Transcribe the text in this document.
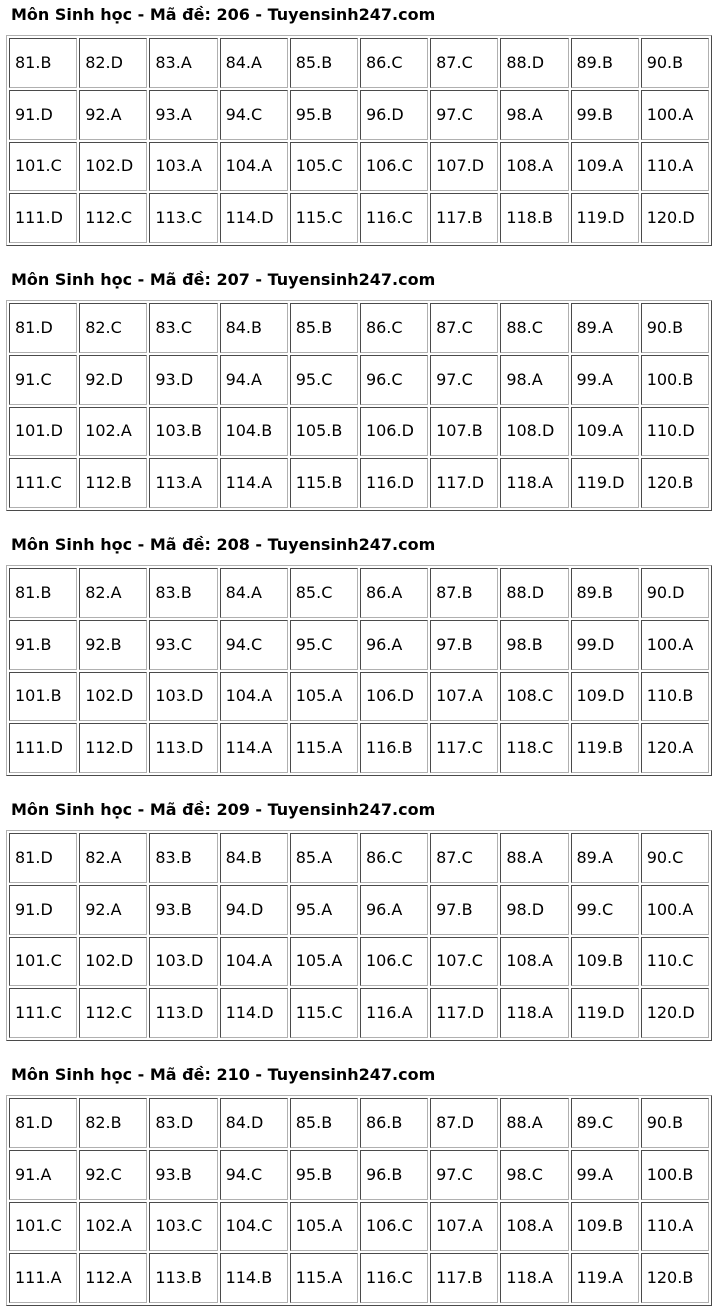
Môn Sinh học - Mã đề: 206 - Tuyensinh247.com
81.B	82.D	83.A	84.A	85.B	86.C	87.C	88.D	89.B	90.B
91.D	92.A	93.A	94.C	95.B	96.D	97.C	98.A	99.B	100.A
101.C	102.D	103.A	104.A	105.C	106.C	107.D	108.A	109.A	110.A
111.D	112.C	113.C	114.D	115.C	116.C	117.B	118.B	119.D	120.D
Môn Sinh học - Mã đề: 207 - Tuyensinh247.com
81.D	82.C	83.C	84.B	85.B	86.C	87.C	88.C	89.A	90.B
91.C	92.D	93.D	94.A	95.C	96.C	97.C	98.A	99.A	100.B
101.D	102.A	103.B	104.B	105.B	106.D	107.B	108.D	109.A	110.D
111.C	112.B	113.A	114.A	115.B	116.D	117.D	118.A	119.D	120.B
Môn Sinh học - Mã đề: 208 - Tuyensinh247.com
81.B	82.A	83.B	84.A	85.C	86.A	87.B	88.D	89.B	90.D
91.B	92.B	93.C	94.C	95.C	96.A	97.B	98.B	99.D	100.A
101.B	102.D	103.D	104.A	105.A	106.D	107.A	108.C	109.D	110.B
111.D	112.D	113.D	114.A	115.A	116.B	117.C	118.C	119.B	120.A
Môn Sinh học - Mã đề: 209 - Tuyensinh247.com
81.D	82.A	83.B	84.B	85.A	86.C	87.C	88.A	89.A	90.C
91.D	92.A	93.B	94.D	95.A	96.A	97.B	98.D	99.C	100.A
101.C	102.D	103.D	104.A	105.A	106.C	107.C	108.A	109.B	110.C
111.C	112.C	113.D	114.D	115.C	116.A	117.D	118.A	119.D	120.D
Môn Sinh học - Mã đề: 210 - Tuyensinh247.com
81.D	82.B	83.D	84.D	85.B	86.B	87.D	88.A	89.C	90.B
91.A	92.C	93.B	94.C	95.B	96.B	97.C	98.C	99.A	100.B
101.C	102.A	103.C	104.C	105.A	106.C	107.A	108.A	109.B	110.A
111.A	112.A	113.B	114.B	115.A	116.C	117.B	118.A	119.A	120.B
